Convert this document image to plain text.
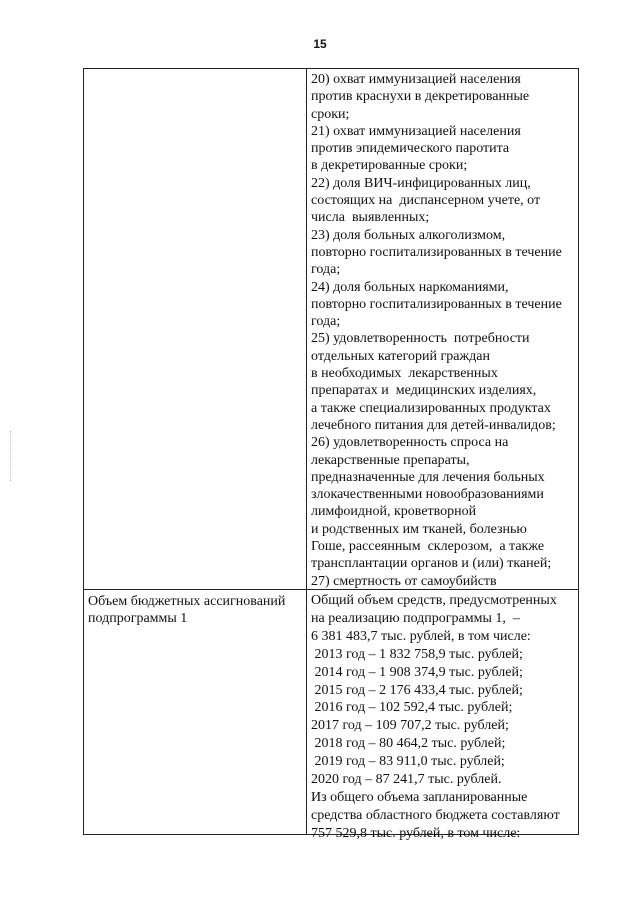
15
20) охват иммунизацией населения
против краснухи в декретированные
сроки;
21) охват иммунизацией населения
против эпидемического паротита
в декретированные сроки;
22) доля ВИЧ-инфицированных лиц,
состоящих на  диспансерном учете, от
числа  выявленных;
23) доля больных алкоголизмом,
повторно госпитализированных в течение
года;
24) доля больных наркоманиями,
повторно госпитализированных в течение
года;
25) удовлетворенность  потребности
отдельных категорий граждан
в необходимых  лекарственных
препаратах и  медицинских изделиях,
а также специализированных продуктах
лечебного питания для детей-инвалидов;
26) удовлетворенность спроса на
лекарственные препараты,
предназначенные для лечения больных
злокачественными новообразованиями
лимфоидной, кроветворной
и родственных им тканей, болезнью
Гоше, рассеянным  склерозом,  а также
трансплантации органов и (или) тканей;
27) смертность от самоубийств
Объем бюджетных ассигнований
подпрограммы 1
Общий объем средств, предусмотренных
на реализацию подпрограммы 1,  –
6 381 483,7 тыс. рублей, в том числе:
2013 год – 1 832 758,9 тыс. рублей;
2014 год – 1 908 374,9 тыс. рублей;
2015 год – 2 176 433,4 тыс. рублей;
2016 год – 102 592,4 тыс. рублей;
2017 год – 109 707,2 тыс. рублей;
2018 год – 80 464,2 тыс. рублей;
2019 год – 83 911,0 тыс. рублей;
2020 год – 87 241,7 тыс. рублей.
Из общего объема запланированные
средства областного бюджета составляют
757 529,8 тыс. рублей, в том числе:
